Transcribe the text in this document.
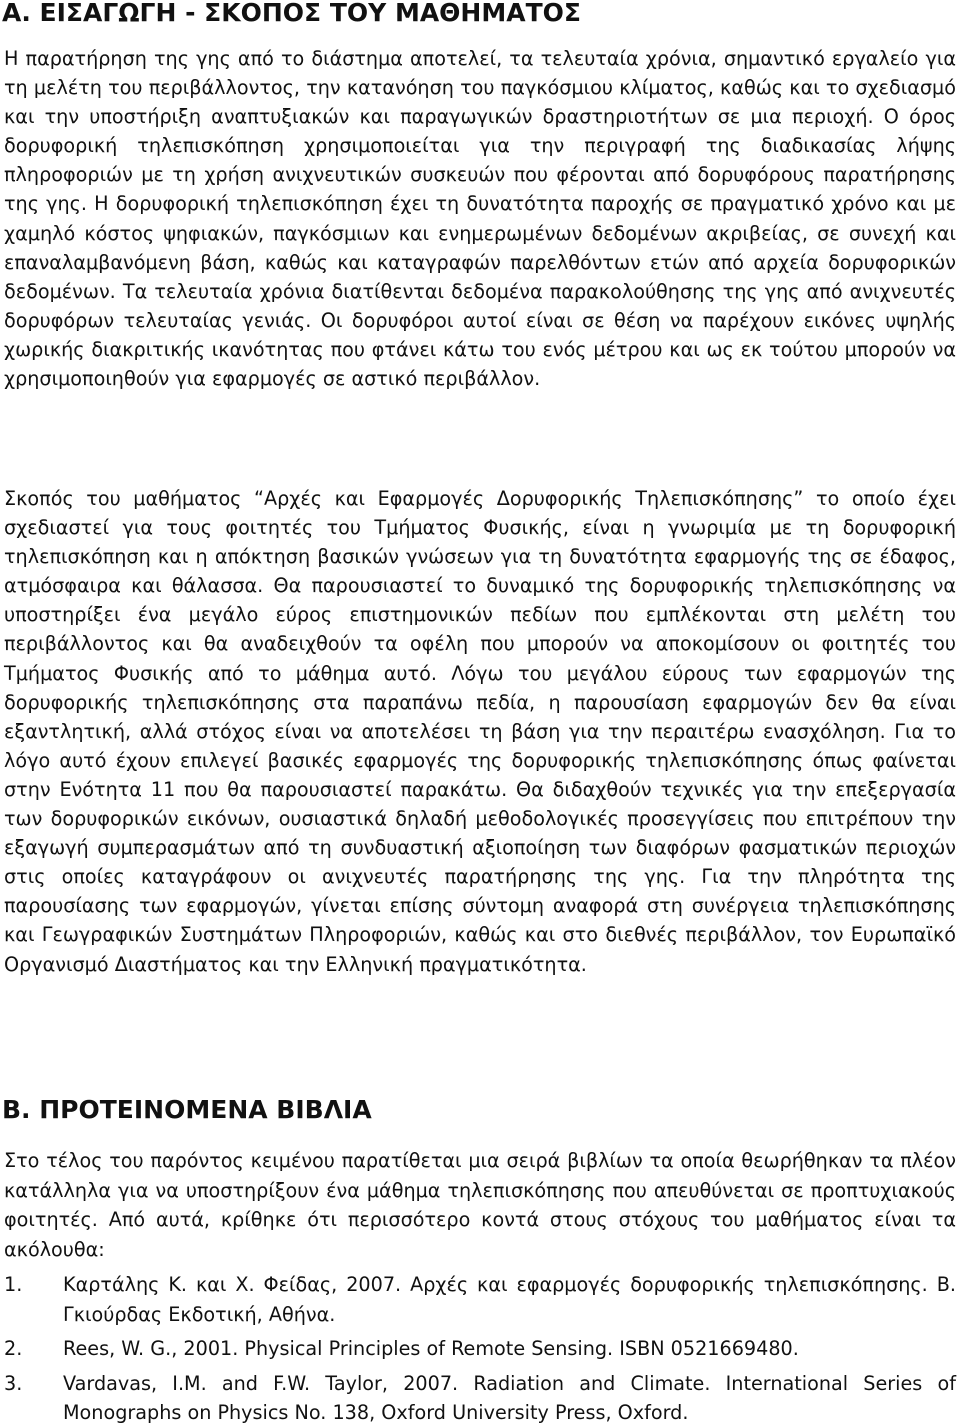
Α. ΕΙΣΑΓΩΓΗ - ΣΚΟΠΟΣ ΤΟΥ ΜΑΘΗΜΑΤΟΣ

Η παρατήρηση της γης από το διάστημα αποτελεί, τα τελευταία χρόνια, σημαντικό εργαλείο για τη μελέτη του περιβάλλοντος, την κατανόηση του παγκόσμιου κλίματος, καθώς και το σχεδιασμό και την υποστήριξη αναπτυξιακών και παραγωγικών δραστηριοτήτων σε μια περιοχή. Ο όρος δορυφορική τηλεπισκόπηση χρησιμοποιείται για την περιγραφή της διαδικασίας λήψης πληροφοριών με τη χρήση ανιχνευτικών συσκευών που φέρονται από δορυφόρους παρατήρησης της γης. Η δορυφορική τηλεπισκόπηση έχει τη δυνατότητα παροχής σε πραγματικό χρόνο και με χαμηλό κόστος ψηφιακών, παγκόσμιων και ενημερωμένων δεδομένων ακριβείας, σε συνεχή και επαναλαμβανόμενη βάση, καθώς και καταγραφών παρελθόντων ετών από αρχεία δορυφορικών δεδομένων. Τα τελευταία χρόνια διατίθενται δεδομένα παρακολούθησης της γης από ανιχνευτές δορυφόρων τελευταίας γενιάς. Οι δορυφόροι αυτοί είναι σε θέση να παρέχουν εικόνες υψηλής χωρικής διακριτικής ικανότητας που φτάνει κάτω του ενός μέτρου και ως εκ τούτου μπορούν να χρησιμοποιηθούν για εφαρμογές σε αστικό περιβάλλον.

Σκοπός του μαθήματος “Αρχές και Εφαρμογές Δορυφορικής Τηλεπισκόπησης” το οποίο έχει σχεδιαστεί για τους φοιτητές του Τμήματος Φυσικής, είναι η γνωριμία με τη δορυφορική τηλεπισκόπηση και η απόκτηση βασικών γνώσεων για τη δυνατότητα εφαρμογής της σε έδαφος, ατμόσφαιρα και θάλασσα. Θα παρουσιαστεί το δυναμικό της δορυφορικής τηλεπισκόπησης να υποστηρίξει ένα μεγάλο εύρος επιστημονικών πεδίων που εμπλέκονται στη μελέτη του περιβάλλοντος και θα αναδειχθούν τα οφέλη που μπορούν να αποκομίσουν οι φοιτητές του Τμήματος Φυσικής από το μάθημα αυτό. Λόγω του μεγάλου εύρους των εφαρμογών της δορυφορικής τηλεπισκόπησης στα παραπάνω πεδία, η παρουσίαση εφαρμογών δεν θα είναι εξαντλητική, αλλά στόχος είναι να αποτελέσει τη βάση για την περαιτέρω ενασχόληση. Για το λόγο αυτό έχουν επιλεγεί βασικές εφαρμογές της δορυφορικής τηλεπισκόπησης όπως φαίνεται στην Ενότητα 11 που θα παρουσιαστεί παρακάτω. Θα διδαχθούν τεχνικές για την επεξεργασία των δορυφορικών εικόνων, ουσιαστικά δηλαδή μεθοδολογικές προσεγγίσεις που επιτρέπουν την εξαγωγή συμπερασμάτων από τη συνδυαστική αξιοποίηση των διαφόρων φασματικών περιοχών στις οποίες καταγράφουν οι ανιχνευτές παρατήρησης της γης. Για την πληρότητα της παρουσίασης των εφαρμογών, γίνεται επίσης σύντομη αναφορά στη συνέργεια τηλεπισκόπησης και Γεωγραφικών Συστημάτων Πληροφοριών, καθώς και στο διεθνές περιβάλλον, τον Ευρωπαϊκό Οργανισμό Διαστήματος και την Ελληνική πραγματικότητα.

Β. ΠΡΟΤΕΙΝΟΜΕΝΑ ΒΙΒΛΙΑ

Στο τέλος του παρόντος κειμένου παρατίθεται μια σειρά βιβλίων τα οποία θεωρήθηκαν τα πλέον κατάλληλα για να υποστηρίξουν ένα μάθημα τηλεπισκόπησης που απευθύνεται σε προπτυχιακούς φοιτητές. Από αυτά, κρίθηκε ότι περισσότερο κοντά στους στόχους του μαθήματος είναι τα ακόλουθα:

1. Καρτάλης Κ. και Χ. Φείδας, 2007. Αρχές και εφαρμογές δορυφορικής τηλεπισκόπησης. Β. Γκιούρδας Εκδοτική, Αθήνα.
2. Rees, W. G., 2001. Physical Principles of Remote Sensing. ISBN 0521669480.
3. Vardavas, I.M. and F.W. Taylor, 2007. Radiation and Climate. International Series of Monographs on Physics No. 138, Oxford University Press, Oxford.
